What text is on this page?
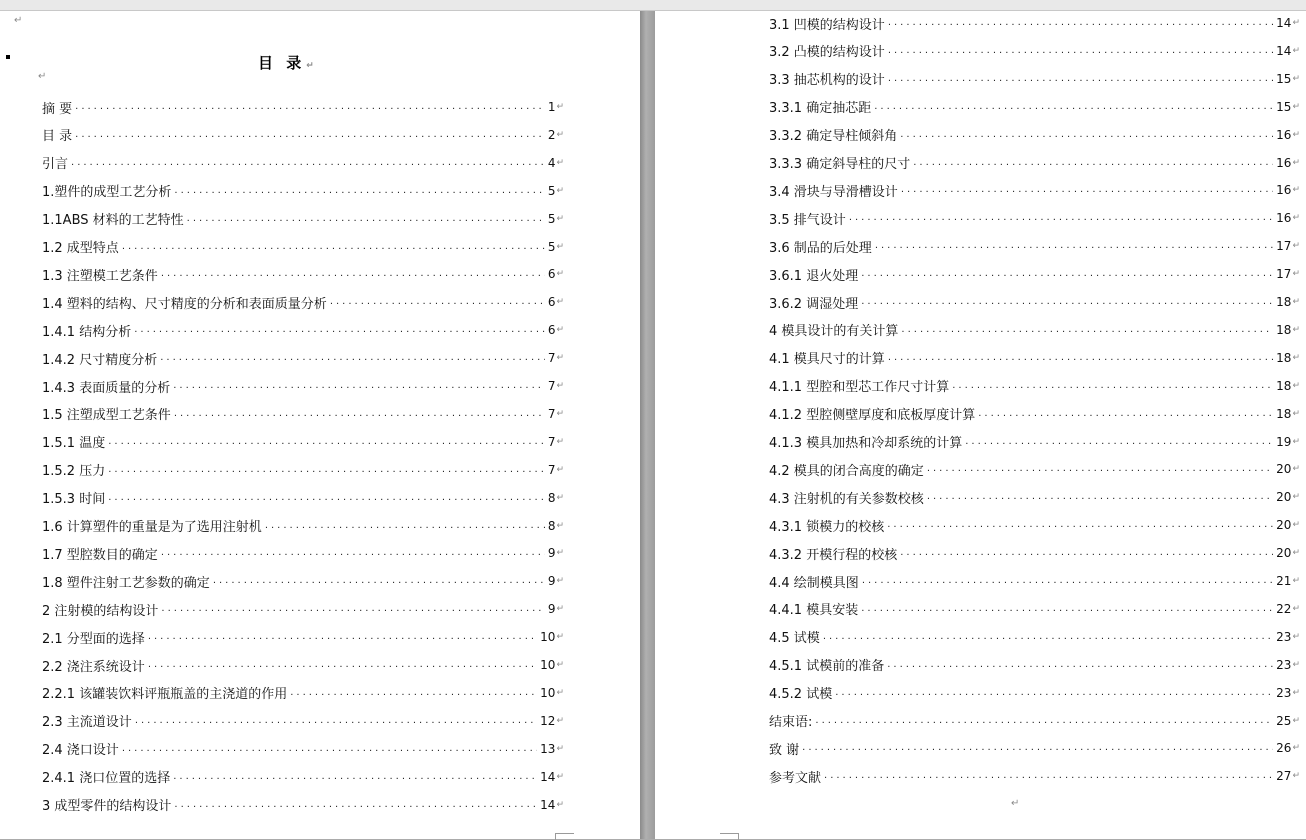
↵
目 录↵
↵
摘 要 .....	1 ↵
目 录 .....	2 ↵
引言 .....	4 ↵
1.塑件的成型工艺分析 .....	5 ↵
1.1ABS 材料的工艺特性 .....	5 ↵
1.2 成型特点 .....	5 ↵
1.3 注塑模工艺条件 .....	6 ↵
1.4 塑料的结构、尺寸精度的分析和表面质量分析 .....	6 ↵
1.4.1 结构分析 .....	6 ↵
1.4.2 尺寸精度分析 .....	7 ↵
1.4.3 表面质量的分析 .....	7 ↵
1.5 注塑成型工艺条件 .....	7 ↵
1.5.1 温度 .....	7 ↵
1.5.2 压力 .....	7 ↵
1.5.3 时间 .....	8 ↵
1.6 计算塑件的重量是为了选用注射机 .....	8 ↵
1.7 型腔数目的确定 .....	9 ↵
1.8 塑件注射工艺参数的确定 .....	9 ↵
2 注射模的结构设计 .....	9 ↵
2.1 分型面的选择 .....	10 ↵
2.2 浇注系统设计 .....	10 ↵
2.2.1 该罐装饮料评瓶瓶盖的主浇道的作用 .....	10 ↵
2.3 主流道设计 .....	12 ↵
2.4 浇口设计 .....	13 ↵
2.4.1 浇口位置的选择 .....	14 ↵
3 成型零件的结构设计 .....	14 ↵
3.1 凹模的结构设计 .....	14 ↵
3.2 凸模的结构设计 .....	14 ↵
3.3 抽芯机构的设计 .....	15 ↵
3.3.1 确定抽芯距 .....	15 ↵
3.3.2 确定导柱倾斜角 .....	16 ↵
3.3.3 确定斜导柱的尺寸 .....	16 ↵
3.4 滑块与导滑槽设计 .....	16 ↵
3.5 排气设计 .....	16 ↵
3.6 制品的后处理 .....	17 ↵
3.6.1 退火处理 .....	17 ↵
3.6.2 调湿处理 .....	18 ↵
4 模具设计的有关计算 .....	18 ↵
4.1 模具尺寸的计算 .....	18 ↵
4.1.1 型腔和型芯工作尺寸计算 .....	18 ↵
4.1.2 型腔侧壁厚度和底板厚度计算 .....	18 ↵
4.1.3 模具加热和冷却系统的计算 .....	19 ↵
4.2 模具的闭合高度的确定 .....	20 ↵
4.3 注射机的有关参数校核 .....	20 ↵
4.3.1 锁模力的校核 .....	20 ↵
4.3.2 开模行程的校核 .....	20 ↵
4.4 绘制模具图 .....	21 ↵
4.4.1 模具安装 .....	22 ↵
4.5 试模 .....	23 ↵
4.5.1 试模前的准备 .....	23 ↵
4.5.2 试模 .....	23 ↵
结束语: .....	25 ↵
致 谢 .....	26 ↵
参考文献 .....	27 ↵
↵
